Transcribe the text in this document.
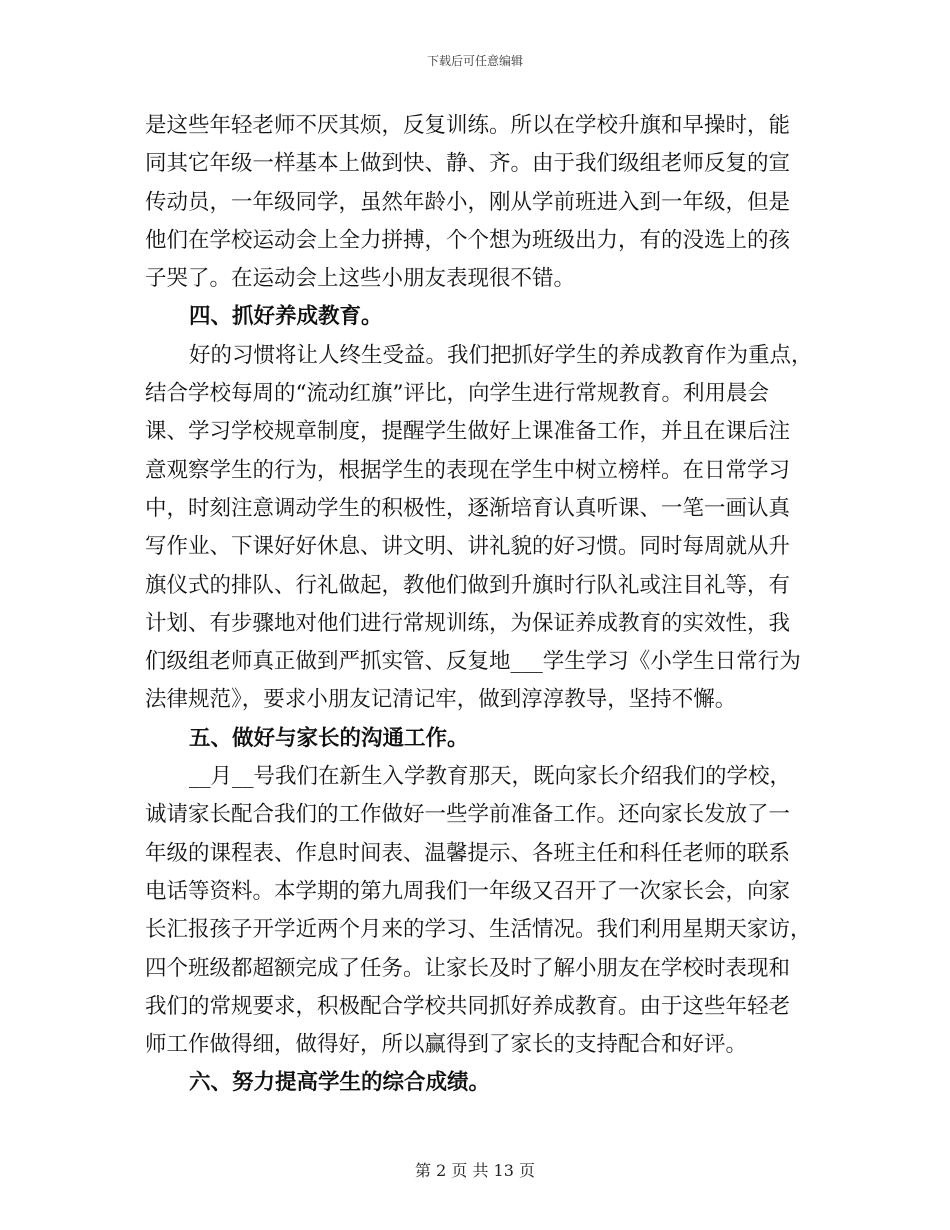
下载后可任意编辑
是这些年轻老师不厌其烦，反复训练。所以在学校升旗和早操时，能
同其它年级一样基本上做到快、静、齐。由于我们级组老师反复的宣
传动员，一年级同学，虽然年龄小，刚从学前班进入到一年级，但是
他们在学校运动会上全力拼搏，个个想为班级出力，有的没选上的孩
子哭了。在运动会上这些小朋友表现很不错。
四、抓好养成教育。
好的习惯将让人终生受益。我们把抓好学生的养成教育作为重点，
结合学校每周的“流动红旗”评比，向学生进行常规教育。利用晨会
课、学习学校规章制度，提醒学生做好上课准备工作，并且在课后注
意观察学生的行为，根据学生的表现在学生中树立榜样。在日常学习
中，时刻注意调动学生的积极性，逐渐培育认真听课、一笔一画认真
写作业、下课好好休息、讲文明、讲礼貌的好习惯。同时每周就从升
旗仪式的排队、行礼做起，教他们做到升旗时行队礼或注目礼等，有
计划、有步骤地对他们进行常规训练，为保证养成教育的实效性，我
们级组老师真正做到严抓实管、反复地___学生学习《小学生日常行为
法律规范》，要求小朋友记清记牢，做到淳淳教导，坚持不懈。
五、做好与家长的沟通工作。
__月__号我们在新生入学教育那天，既向家长介绍我们的学校，
诚请家长配合我们的工作做好一些学前准备工作。还向家长发放了一
年级的课程表、作息时间表、温馨提示、各班主任和科任老师的联系
电话等资料。本学期的第九周我们一年级又召开了一次家长会，向家
长汇报孩子开学近两个月来的学习、生活情况。我们利用星期天家访，
四个班级都超额完成了任务。让家长及时了解小朋友在学校时表现和
我们的常规要求，积极配合学校共同抓好养成教育。由于这些年轻老
师工作做得细，做得好，所以赢得到了家长的支持配合和好评。
六、努力提高学生的综合成绩。
第 2 页 共 13 页
